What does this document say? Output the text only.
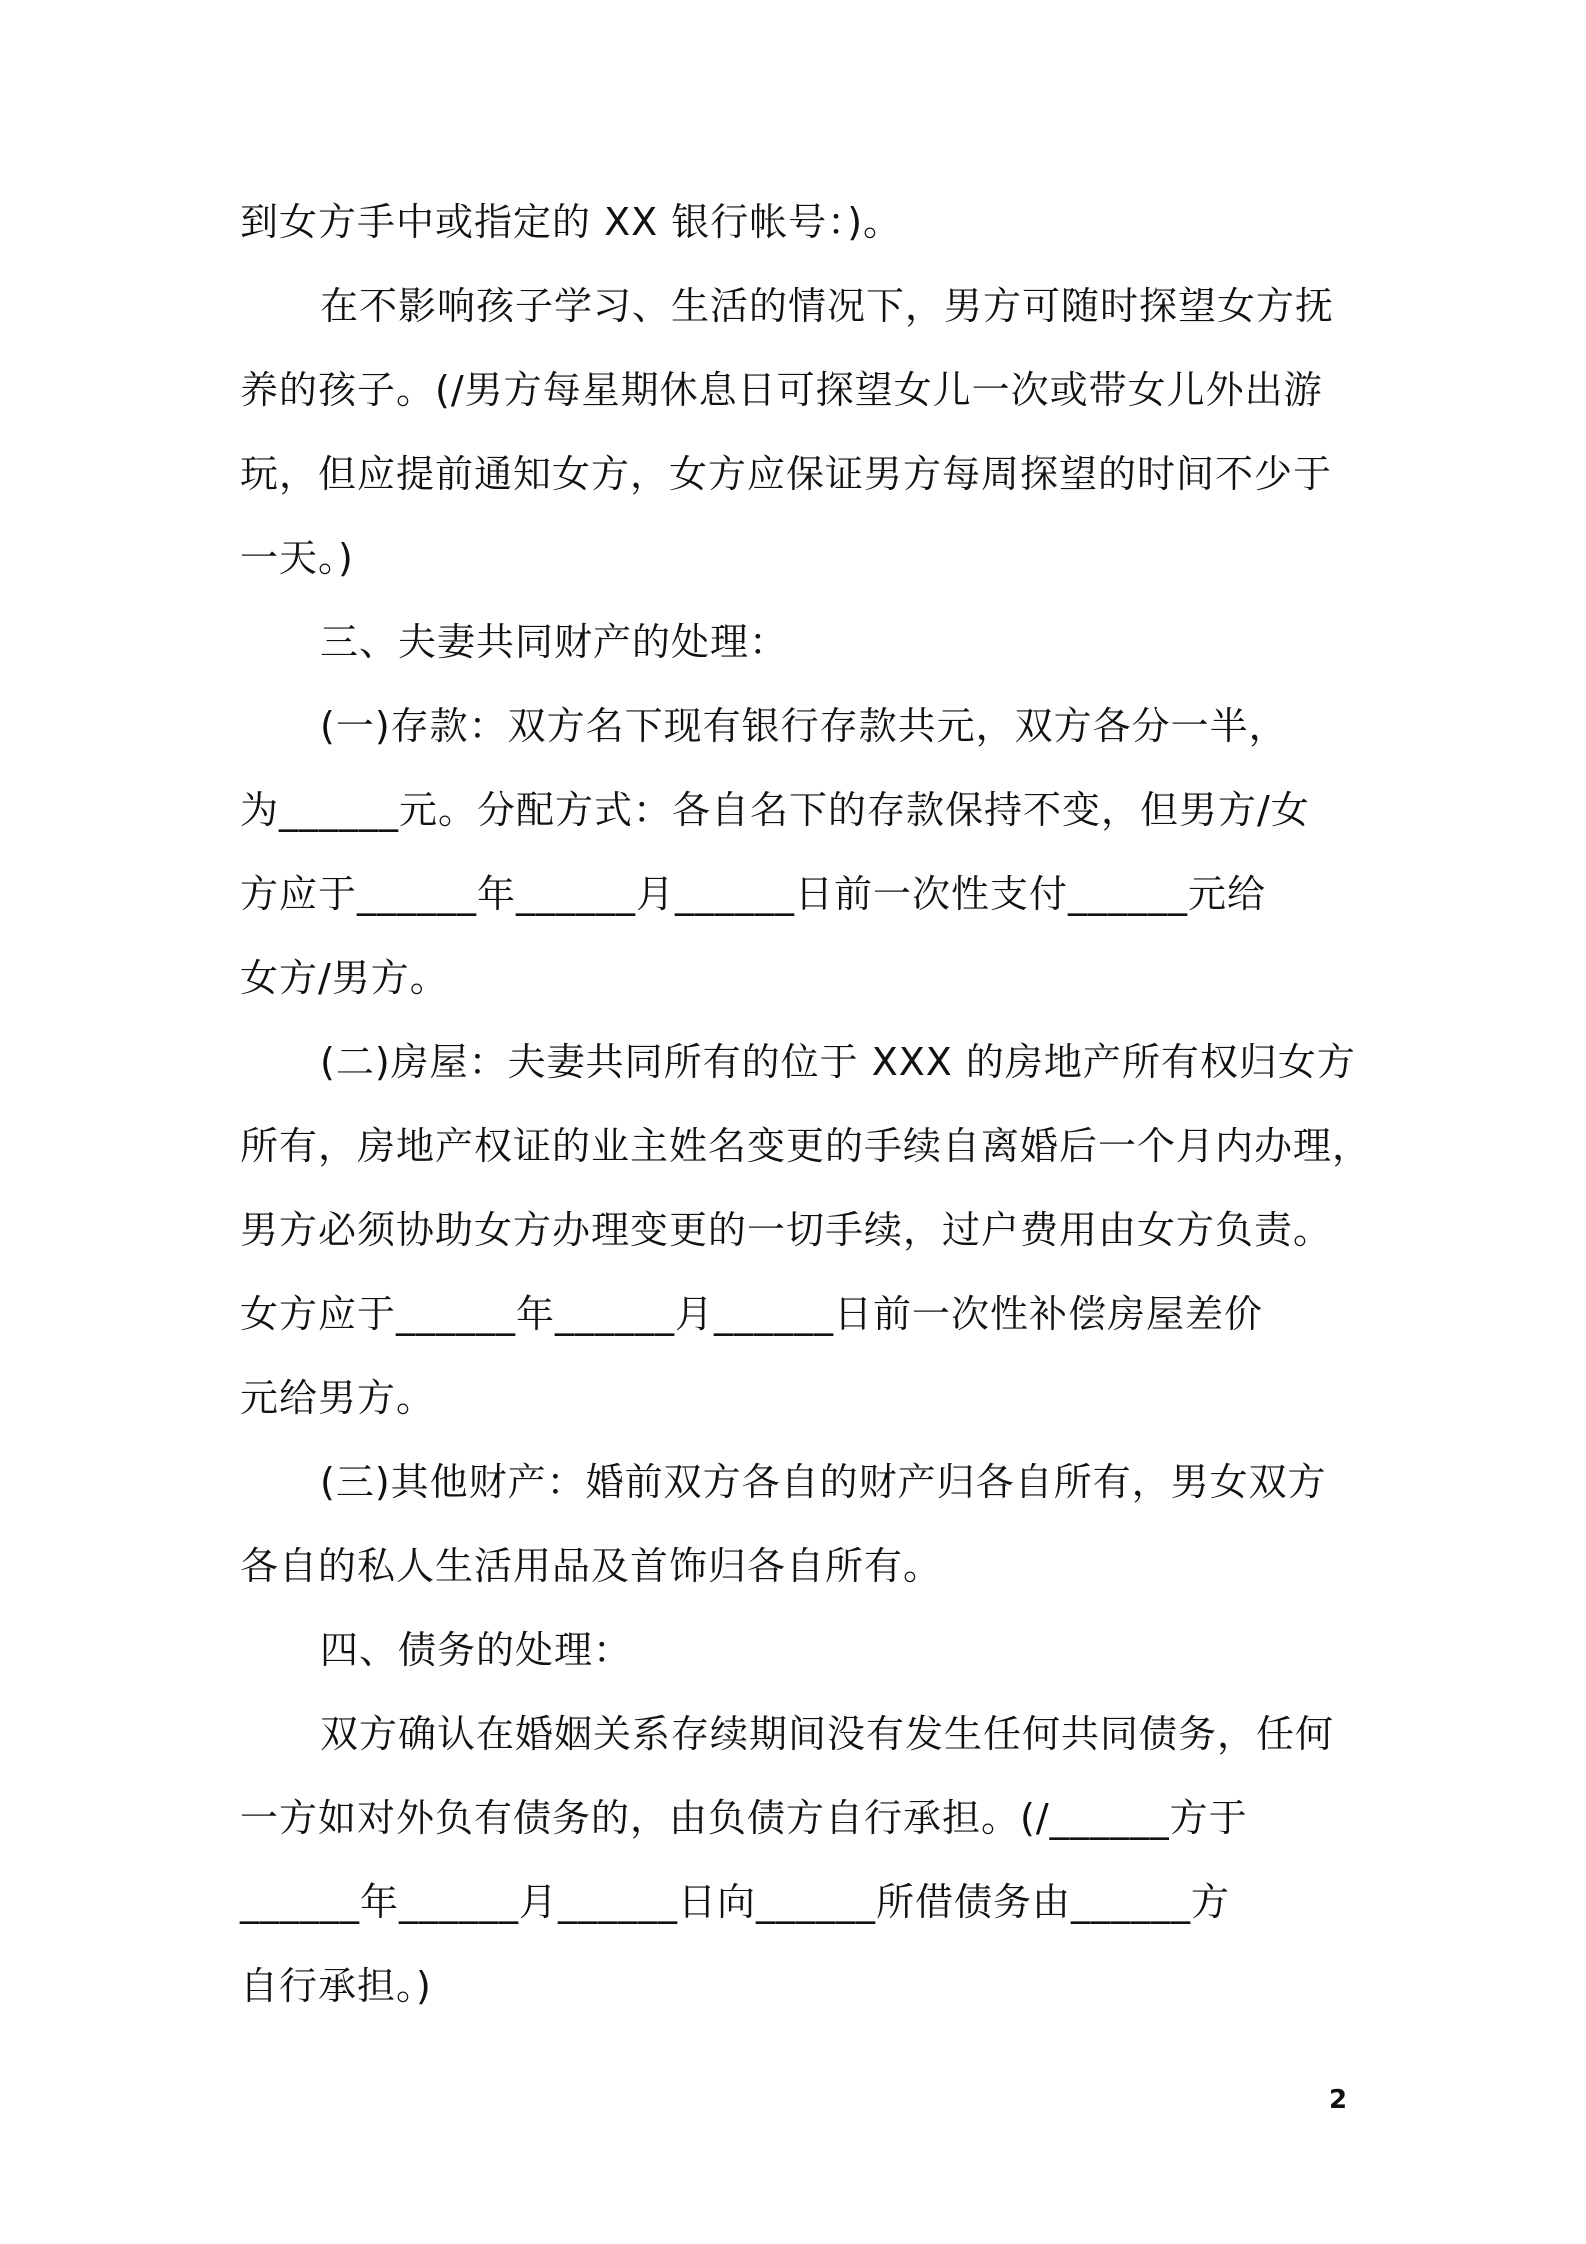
到女方手中或指定的 XX 银行帐号：)。
在不影响孩子学习、生活的情况下，男方可随时探望女方抚
养的孩子。(/男方每星期休息日可探望女儿一次或带女儿外出游
玩，但应提前通知女方，女方应保证男方每周探望的时间不少于
一天。)
三、夫妻共同财产的处理：
(一)存款：双方名下现有银行存款共元，双方各分一半，
为______元。分配方式：各自名下的存款保持不变，但男方/女
方应于______年______月______日前一次性支付______元给
女方/男方。
(二)房屋：夫妻共同所有的位于 XXX 的房地产所有权归女方
所有，房地产权证的业主姓名变更的手续自离婚后一个月内办理，
男方必须协助女方办理变更的一切手续，过户费用由女方负责。
女方应于______年______月______日前一次性补偿房屋差价
元给男方。
(三)其他财产：婚前双方各自的财产归各自所有，男女双方
各自的私人生活用品及首饰归各自所有。
四、债务的处理：
双方确认在婚姻关系存续期间没有发生任何共同债务，任何
一方如对外负有债务的，由负债方自行承担。(/______方于
______年______月______日向______所借债务由______方
自行承担。)
2
